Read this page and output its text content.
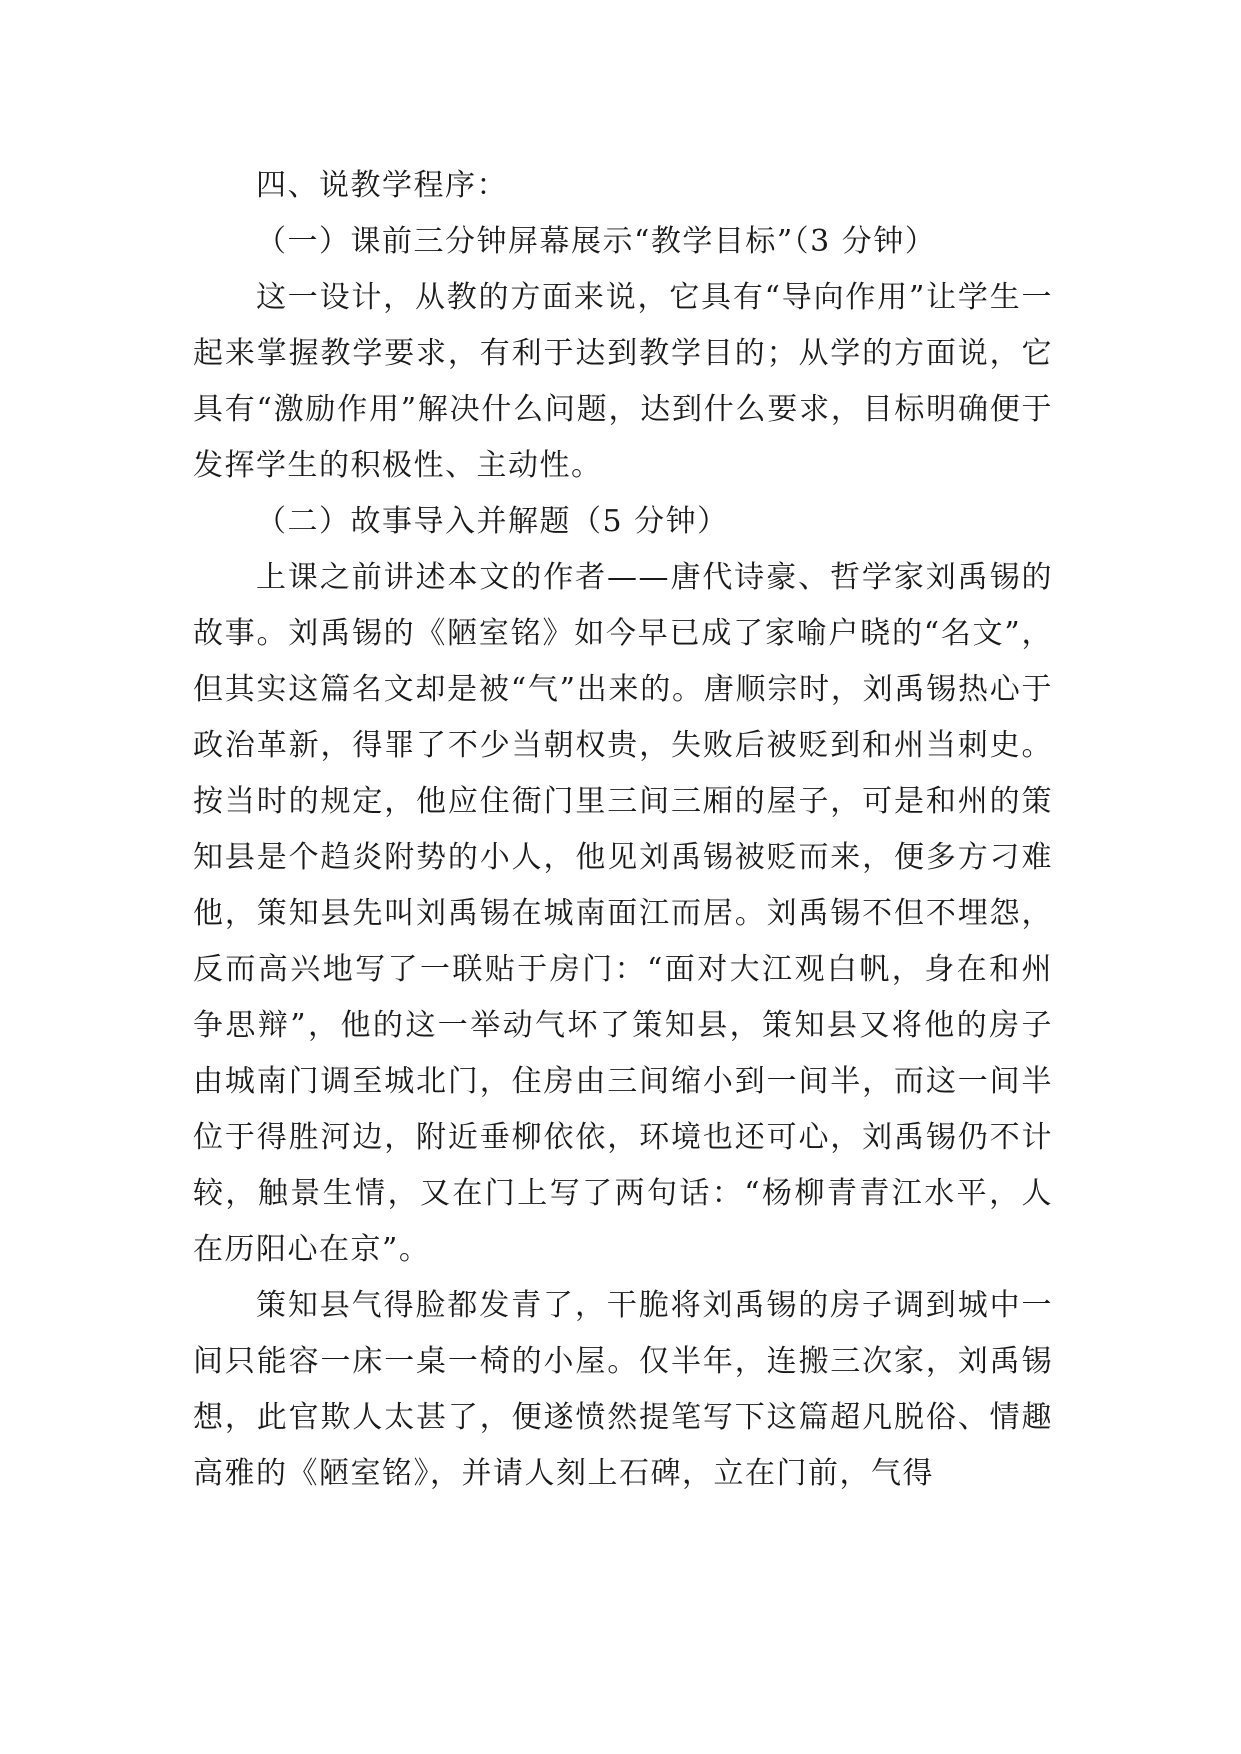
四、说教学程序：

（一）课前三分钟屏幕展示“教学目标”（3 分钟）

这一设计，从教的方面来说，它具有“导向作用”让学生一起来掌握教学要求，有利于达到教学目的；从学的方面说，它具有“激励作用”解决什么问题，达到什么要求，目标明确便于发挥学生的积极性、主动性。

（二）故事导入并解题（5 分钟）

上课之前讲述本文的作者——唐代诗豪、哲学家刘禹锡的故事。刘禹锡的《陋室铭》如今早已成了家喻户晓的“名文”，但其实这篇名文却是被“气”出来的。唐顺宗时，刘禹锡热心于政治革新，得罪了不少当朝权贵，失败后被贬到和州当刺史。按当时的规定，他应住衙门里三间三厢的屋子，可是和州的策知县是个趋炎附势的小人，他见刘禹锡被贬而来，便多方刁难他，策知县先叫刘禹锡在城南面江而居。刘禹锡不但不埋怨，反而高兴地写了一联贴于房门：“面对大江观白帆，身在和州争思辩”，他的这一举动气坏了策知县，策知县又将他的房子由城南门调至城北门，住房由三间缩小到一间半，而这一间半位于得胜河边，附近垂柳依依，环境也还可心，刘禹锡仍不计较，触景生情，又在门上写了两句话：“杨柳青青江水平，人在历阳心在京”。

策知县气得脸都发青了，干脆将刘禹锡的房子调到城中一间只能容一床一桌一椅的小屋。仅半年，连搬三次家，刘禹锡想，此官欺人太甚了，便遂愤然提笔写下这篇超凡脱俗、情趣高雅的《陋室铭》，并请人刻上石碑，立在门前，气得
